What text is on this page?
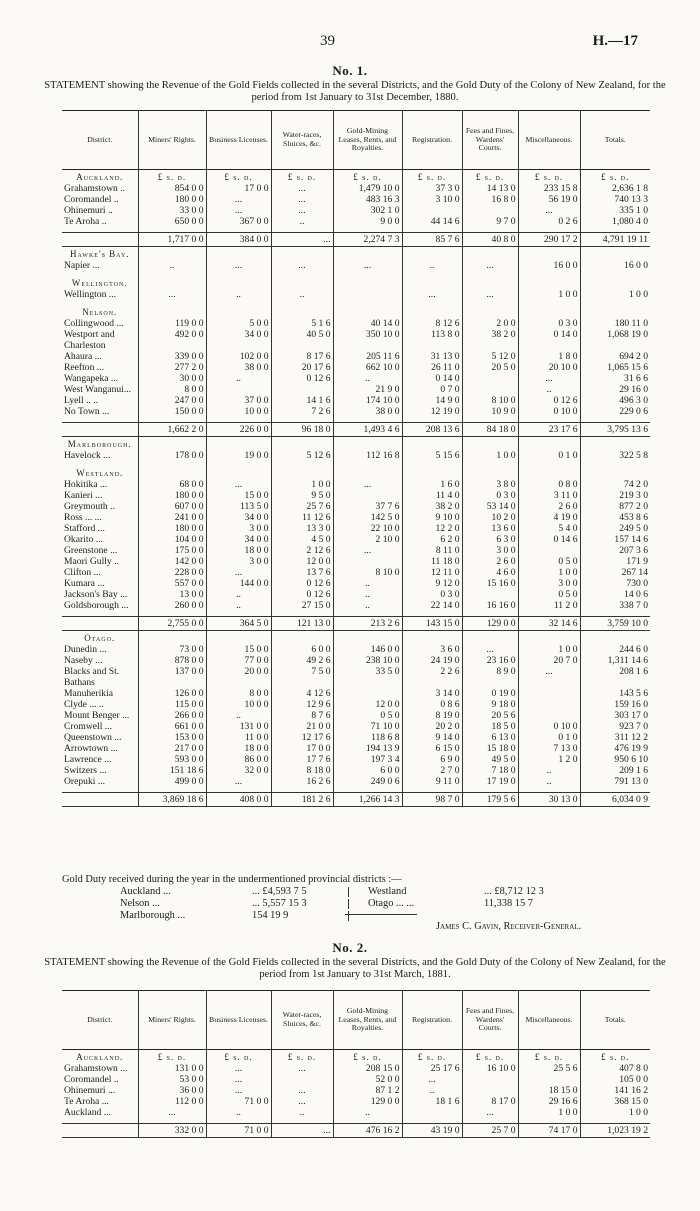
39	H.—17
No. 1.
STATEMENT showing the Revenue of the Gold Fields collected in the several Districts, and the Gold Duty of the Colony of New Zealand, for the period from 1st January to 31st December, 1880.
District.	Miners' Rights.	Business Licenses.	Water-races, Sluices, &c.	Gold-Mining Leases, Rents, and Royalties.	Registration.	Fees and Fines, Wardens' Courts.	Miscellaneous.	Totals.
Auckland.	£ s. d.	£ s. d.	£ s. d.	£ s. d.	£ s. d.	£ s. d.	£ s. d.	£ s. d.
Grahamstown ..	854 0 0	17 0 0	...	1,479 10 0	37 3 0	14 13 0	233 15 8	2,636 1 8
Coromandel ..	180 0 0	...	...	483 16 3	3 10 0	16 8 0	56 19 0	740 13 3
Ohinemuri ..	33 0 0	...	...	302 1 0			...	335 1 0
Te Aroha ..	650 0 0	367 0 0	..	9 0 0	44 14 6	9 7 0	0 2 6	1,080 4 0

	1,717 0 0	384 0 0	...	2,274 7 3	85 7 6	40 8 0	290 17 2	4,791 19 11
Hawke's Bay.								
Napier ...	..	...	...	...	..	...	16 0 0	16 0 0

Wellington.								
Wellington ...	...	..	..		...	...	1 0 0	1 0 0

Nelson.								
Collingwood ...	119 0 0	5 0 0	5 1 6	40 14 0	8 12 6	2 0 0	0 3 0	180 11 0
Westport and	492 0 0	34 0 0	40 5 0	350 10 0	113 8 0	38 2 0	0 14 0	1,068 19 0
Charleston								
Ahaura ...	339 0 0	102 0 0	8 17 6	205 11 6	31 13 0	5 12 0	1 8 0	694 2 0
Reefton ...	277 2 0	38 0 0	20 17 6	662 10 0	26 11 0	20 5 0	20 10 0	1,065 15 6
Wangapeka ...	30 0 0	..	0 12 6	..	0 14 0		...	31 6 6
West Wanganui...	8 0 0			21 9 0	0 7 0		..	29 16 0
Lyell .. ..	247 0 0	37 0 0	14 1 6	174 10 0	14 9 0	8 10 0	0 12 6	496 3 0
No Town ...	150 0 0	10 0 0	7 2 6	38 0 0	12 19 0	10 9 0	0 10 0	229 0 6

	1,662 2 0	226 0 0	96 18 0	1,493 4 6	208 13 6	84 18 0	23 17 6	3,795 13 6
Marlborough.								
Havelock ...	178 0 0	19 0 0	5 12 6	112 16 8	5 15 6	1 0 0	0 1 0	322 5 8

Westland.								
Hokitika ...	68 0 0	...	1 0 0	...	1 6 0	3 8 0	0 8 0	74 2 0
Kanieri ...	180 0 0	15 0 0	9 5 0		11 4 0	0 3 0	3 11 0	219 3 0
Greymouth ..	607 0 0	113 5 0	25 7 6	37 7 6	38 2 0	53 14 0	2 6 0	877 2 0
Ross ... ...	241 0 0	34 0 0	11 12 6	142 5 0	9 10 0	10 2 0	4 19 0	453 8 6
Stafford ...	180 0 0	3 0 0	13 3 0	22 10 0	12 2 0	13 6 0	5 4 0	249 5 0
Okarito ...	104 0 0	34 0 0	4 5 0	2 10 0	6 2 0	6 3 0	0 14 6	157 14 6
Greenstone ...	175 0 0	18 0 0	2 12 6	...	8 11 0	3 0 0		207 3 6
Maori Gully ..	142 0 0	3 0 0	12 0 0		11 18 0	2 6 0	0 5 0	171 9
Clifton ...	228 0 0	...	13 7 6	8 10 0	12 11 0	4 6 0	1 0 0	267 14
Kumara ...	557 0 0	144 0 0	0 12 6	..	9 12 0	15 16 0	3 0 0	730 0
Jackson's Bay ...	13 0 0	..	0 12 6	..	0 3 0		0 5 0	14 0 6
Goldsborough ...	260 0 0	..	27 15 0	..	22 14 0	16 16 0	11 2 0	338 7 0

	2,755 0 0	364 5 0	121 13 0	213 2 6	143 15 0	129 0 0	32 14 6	3,759 10 0
Otago.								
Dunedin ...	73 0 0	15 0 0	6 0 0	146 0 0	3 6 0	...	1 0 0	244 6 0
Naseby ...	878 0 0	77 0 0	49 2 6	238 10 0	24 19 0	23 16 0	20 7 0	1,311 14 6
Blacks and St.	137 0 0	20 0 0	7 5 0	33 5 0	2 2 6	8 9 0	...	208 1 6
Bathans								
Manuherikia	126 0 0	8 0 0	4 12 6		3 14 0	0 19 0		143 5 6
Clyde ... ..	115 0 0	10 0 0	12 9 6	12 0 0	0 8 6	9 18 0		159 16 0
Mount Benger ...	266 0 0	..	8 7 6	0 5 0	8 19 0	20 5 6		303 17 0
Cromwell ...	661 0 0	131 0 0	21 0 0	71 10 0	20 2 0	18 5 0	0 10 0	923 7 0
Queenstown ...	153 0 0	11 0 0	12 17 6	118 6 8	9 14 0	6 13 0	0 1 0	311 12 2
Arrowtown ...	217 0 0	18 0 0	17 0 0	194 13 9	6 15 0	15 18 0	7 13 0	476 19 9
Lawrence ...	593 0 0	86 0 0	17 7 6	197 3 4	6 9 0	49 5 0	1 2 0	950 6 10
Switzers ...	151 18 6	32 0 0	8 18 0	6 0 0	2 7 0	7 18 0	..	209 1 6
Orepuki ...	499 0 0	...	16 2 6	249 0 6	9 11 0	17 19 0	..	791 13 0

	3,869 18 6	408 0 0	181 2 6	1,266 14 3	98 7 0	179 5 6	30 13 0	6,034 0 9
Gold Duty received during the year in the undermentioned provincial districts :—
Auckland ...	... £4,593 7 5	Westland	... £8,712 12 3
Nelson ...	... 5,557 15 3	Otago ... ...	11,338 15 7
Marlborough ...	154 19 9
James C. Gavin, Receiver-General.
No. 2.
STATEMENT showing the Revenue of the Gold Fields collected in the several Districts, and the Gold Duty of the Colony of New Zealand, for the period from 1st January to 31st March, 1881.
District.	Miners' Rights.	Business Licenses.	Water-races, Sluices, &c.	Gold-Mining Leases, Rents, and Royalties.	Registration.	Fees and Fines, Wardens' Courts.	Miscellaneous.	Totals.
Auckland.	£ s. d.	£ s. d.	£ s. d.	£ s. d.	£ s. d.	£ s. d.	£ s. d.	£ s. d.
Grahamstown ...	131 0 0	...	...	208 15 0	25 17 6	16 10 0	25 5 6	407 8 0
Coromandel ..	53 0 0	...		52 0 0	...			105 0 0
Ohinemuri ...	36 0 0	...	...	87 1 2	..		18 15 0	141 16 2
Te Aroha ...	112 0 0	71 0 0	...	129 0 0	18 1 6	8 17 0	29 16 6	368 15 0
Auckland ...	...	..	..	..		...	1 0 0	1 0 0

	332 0 0	71 0 0	...	476 16 2	43 19 0	25 7 0	74 17 0	1,023 19 2
